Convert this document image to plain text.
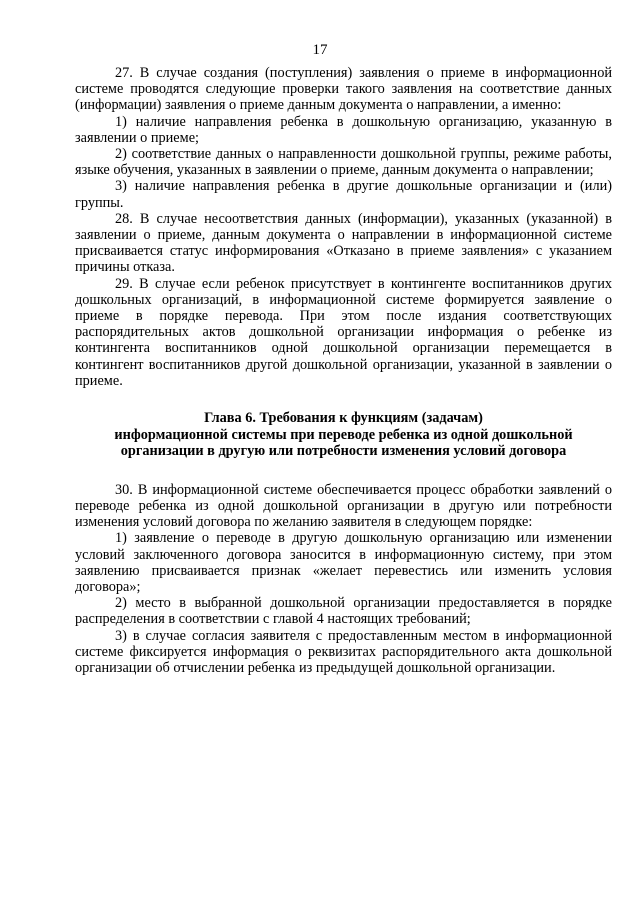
17

27. В случае создания (поступления) заявления о приеме в информационной системе проводятся следующие проверки такого заявления на соответствие данных (информации) заявления о приеме данным документа о направлении, а именно:

1) наличие направления ребенка в дошкольную организацию, указанную в заявлении о приеме;

2) соответствие данных о направленности дошкольной группы, режиме работы, языке обучения, указанных в заявлении о приеме, данным документа о направлении;

3) наличие направления ребенка в другие дошкольные организации и (или) группы.

28. В случае несоответствия данных (информации), указанных (указанной) в заявлении о приеме, данным документа о направлении в информационной системе присваивается статус информирования «Отказано в приеме заявления» с указанием причины отказа.

29. В случае если ребенок присутствует в контингенте воспитанников других дошкольных организаций, в информационной системе формируется заявление о приеме в порядке перевода. При этом после издания соответствующих распорядительных актов дошкольной организации информация о ребенке из контингента воспитанников одной дошкольной организации перемещается в контингент воспитанников другой дошкольной организации, указанной в заявлении о приеме.

Глава 6. Требования к функциям (задачам)
информационной системы при переводе ребенка из одной дошкольной
организации в другую или потребности изменения условий договора

30. В информационной системе обеспечивается процесс обработки заявлений о переводе ребенка из одной дошкольной организации в другую или потребности изменения условий договора по желанию заявителя в следующем порядке:

1) заявление о переводе в другую дошкольную организацию или изменении условий заключенного договора заносится в информационную систему, при этом заявлению присваивается признак «желает перевестись или изменить условия договора»;

2) место в выбранной дошкольной организации предоставляется в порядке распределения в соответствии с главой 4 настоящих требований;

3) в случае согласия заявителя с предоставленным местом в информационной системе фиксируется информация о реквизитах распорядительного акта дошкольной организации об отчислении ребенка из предыдущей дошкольной организации.
